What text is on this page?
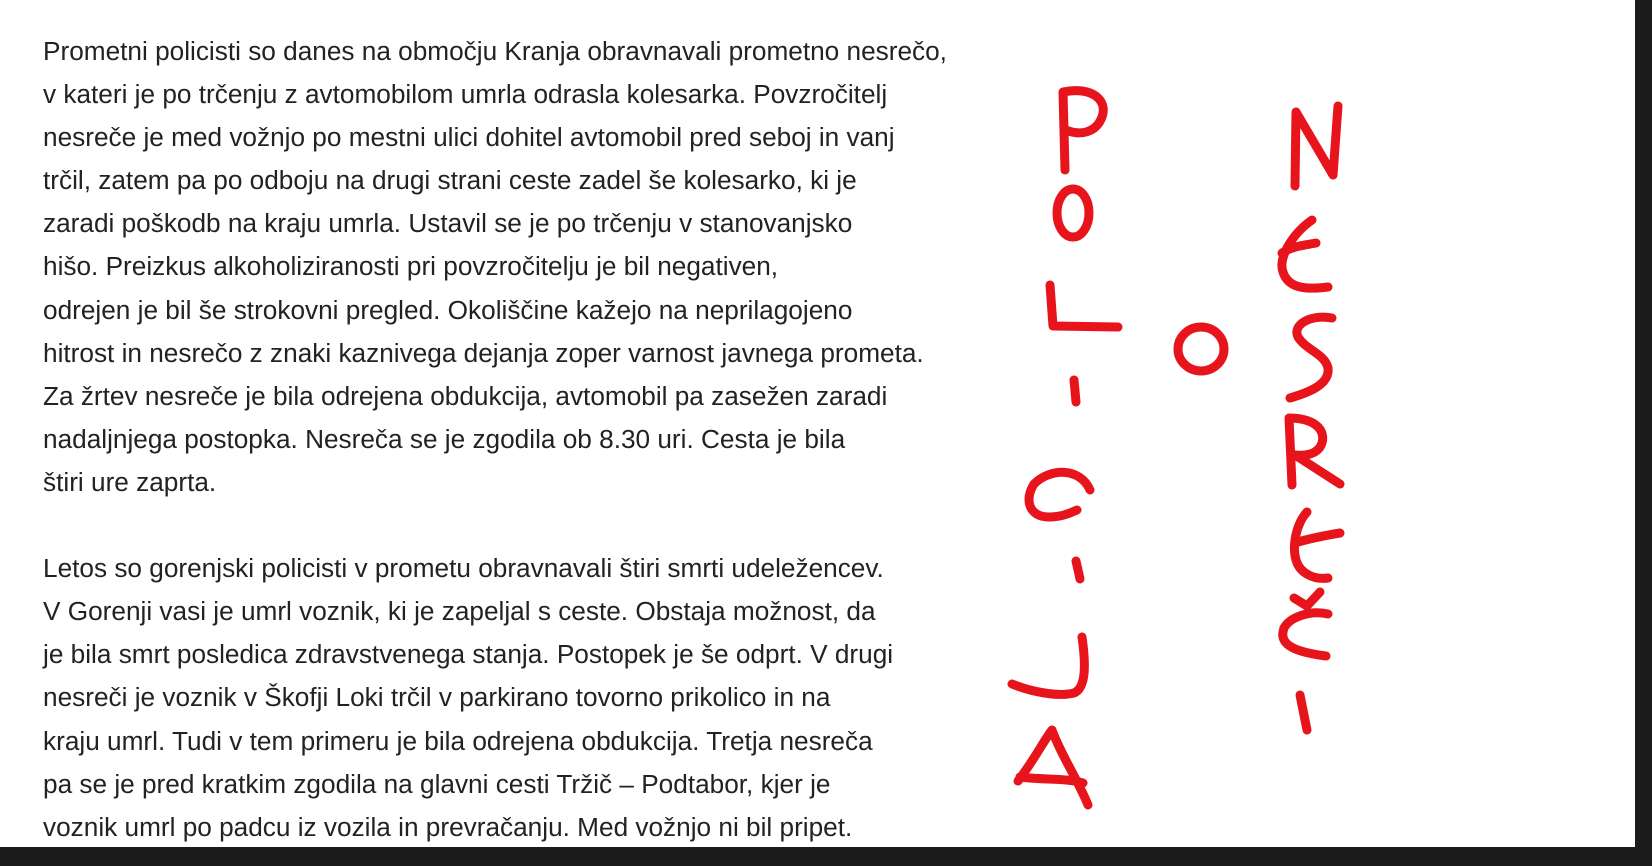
Prometni policisti so danes na območju Kranja obravnavali prometno nesrečo,
v kateri je po trčenju z avtomobilom umrla odrasla kolesarka. Povzročitelj
nesreče je med vožnjo po mestni ulici dohitel avtomobil pred seboj in vanj
trčil, zatem pa po odboju na drugi strani ceste zadel še kolesarko, ki je
zaradi poškodb na kraju umrla. Ustavil se je po trčenju v stanovanjsko
hišo. Preizkus alkoholiziranosti pri povzročitelju je bil negativen,
odrejen je bil še strokovni pregled. Okoliščine kažejo na neprilagojeno
hitrost in nesrečo z znaki kaznivega dejanja zoper varnost javnega prometa.
Za žrtev nesreče je bila odrejena obdukcija, avtomobil pa zasežen zaradi
nadaljnjega postopka. Nesreča se je zgodila ob 8.30 uri. Cesta je bila
štiri ure zaprta.

Letos so gorenjski policisti v prometu obravnavali štiri smrti udeležencev.
V Gorenji vasi je umrl voznik, ki je zapeljal s ceste. Obstaja možnost, da
je bila smrt posledica zdravstvenega stanja. Postopek je še odprt. V drugi
nesreči je voznik v Škofji Loki trčil v parkirano tovorno prikolico in na
kraju umrl. Tudi v tem primeru je bila odrejena obdukcija. Tretja nesreča
pa se je pred kratkim zgodila na glavni cesti Tržič – Podtabor, kjer je
voznik umrl po padcu iz vozila in prevračanju. Med vožnjo ni bil pripet.
